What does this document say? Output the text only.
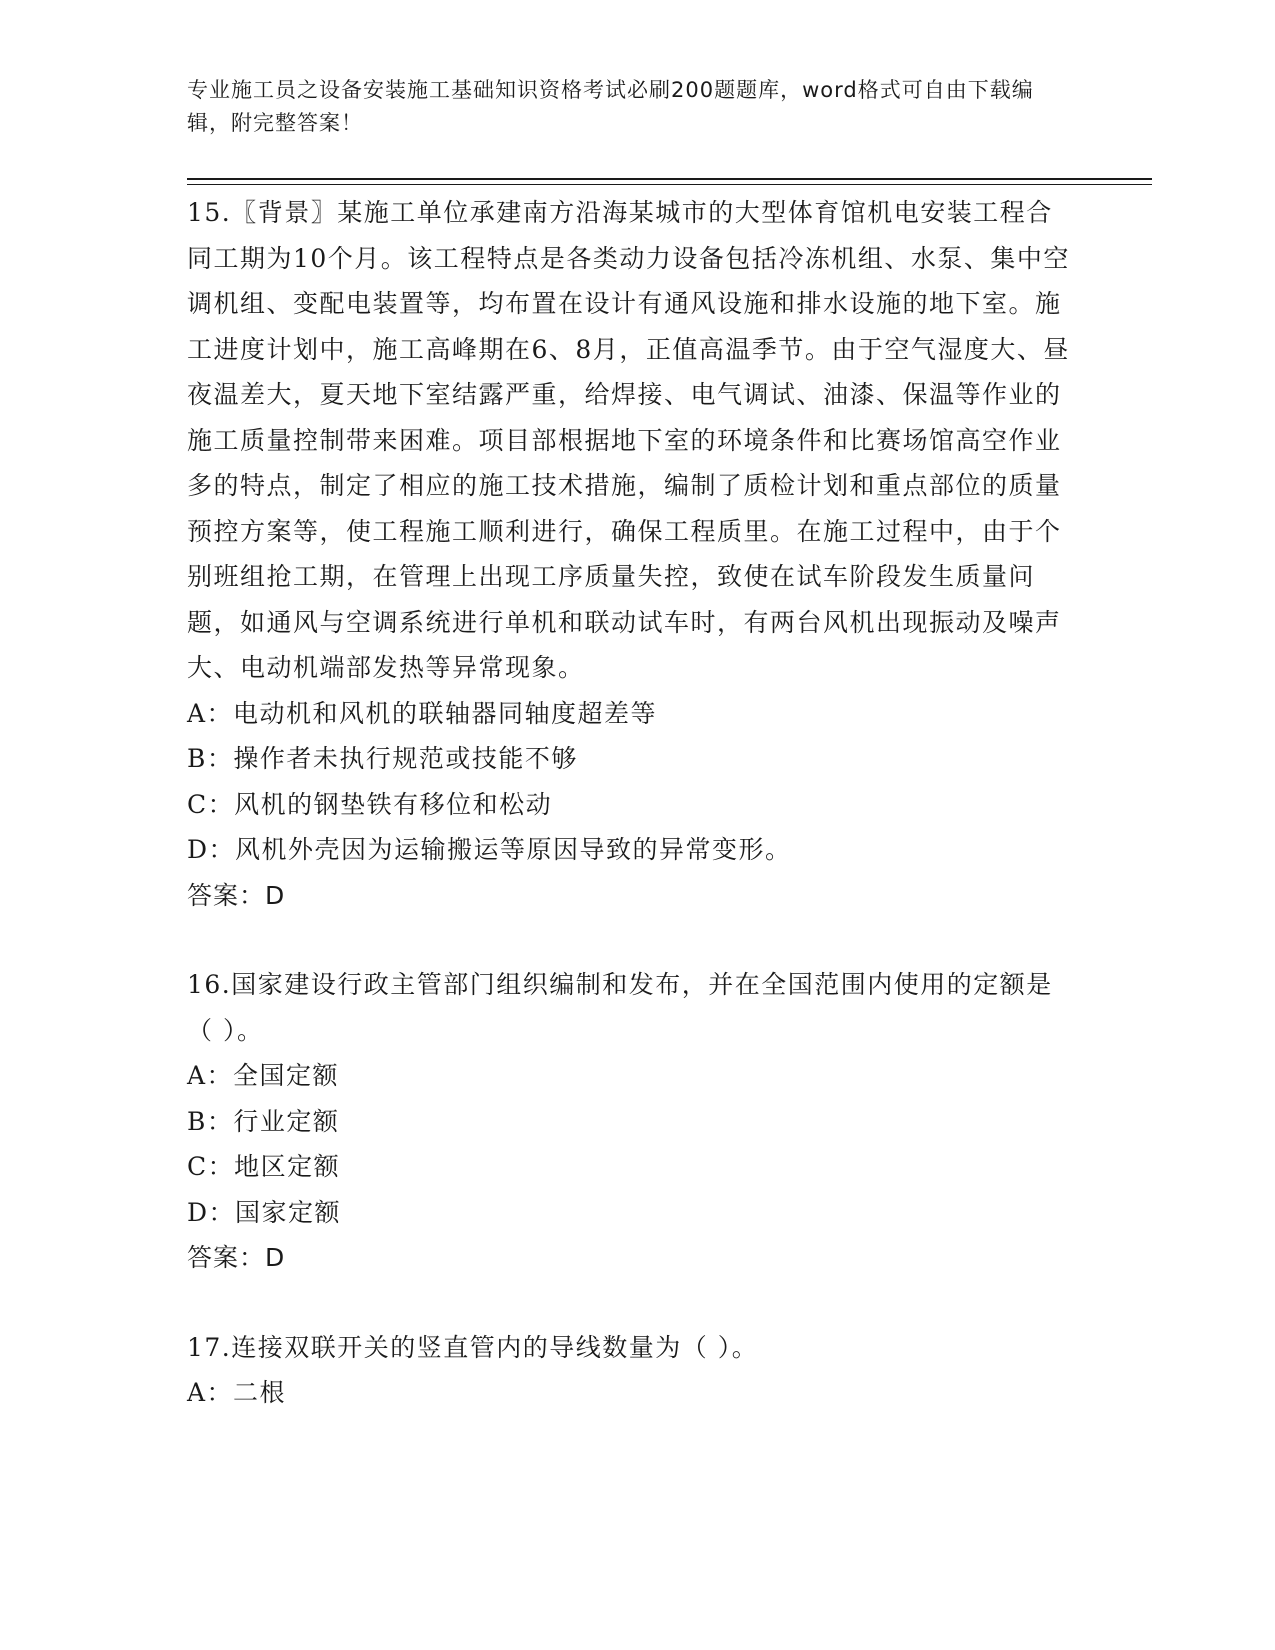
专业施工员之设备安装施工基础知识资格考试必刷200题题库，word格式可自由下载编辑，附完整答案！
15.〖背景〗某施工单位承建南方沿海某城市的大型体育馆机电安装工程合同工期为10个月。该工程特点是各类动力设备包括冷冻机组、水泵、集中空调机组、变配电装置等，均布置在设计有通风设施和排水设施的地下室。施工进度计划中，施工高峰期在6、8月，正值高温季节。由于空气湿度大、昼夜温差大，夏天地下室结露严重，给焊接、电气调试、油漆、保温等作业的施工质量控制带来困难。项目部根据地下室的环境条件和比赛场馆高空作业多的特点，制定了相应的施工技术措施，编制了质检计划和重点部位的质量预控方案等，使工程施工顺利进行，确保工程质里。在施工过程中，由于个别班组抢工期，在管理上出现工序质量失控，致使在试车阶段发生质量问题，如通风与空调系统进行单机和联动试车时，有两台风机出现振动及噪声大、电动机端部发热等异常现象。
A：电动机和风机的联轴器同轴度超差等
B：操作者未执行规范或技能不够
C：风机的钢垫铁有移位和松动
D：风机外壳因为运输搬运等原因导致的异常变形。
答案：D
16.国家建设行政主管部门组织编制和发布，并在全国范围内使用的定额是（ ）。
A：全国定额
B：行业定额
C：地区定额
D：国家定额
答案：D
17.连接双联开关的竖直管内的导线数量为（ ）。
A：二根
